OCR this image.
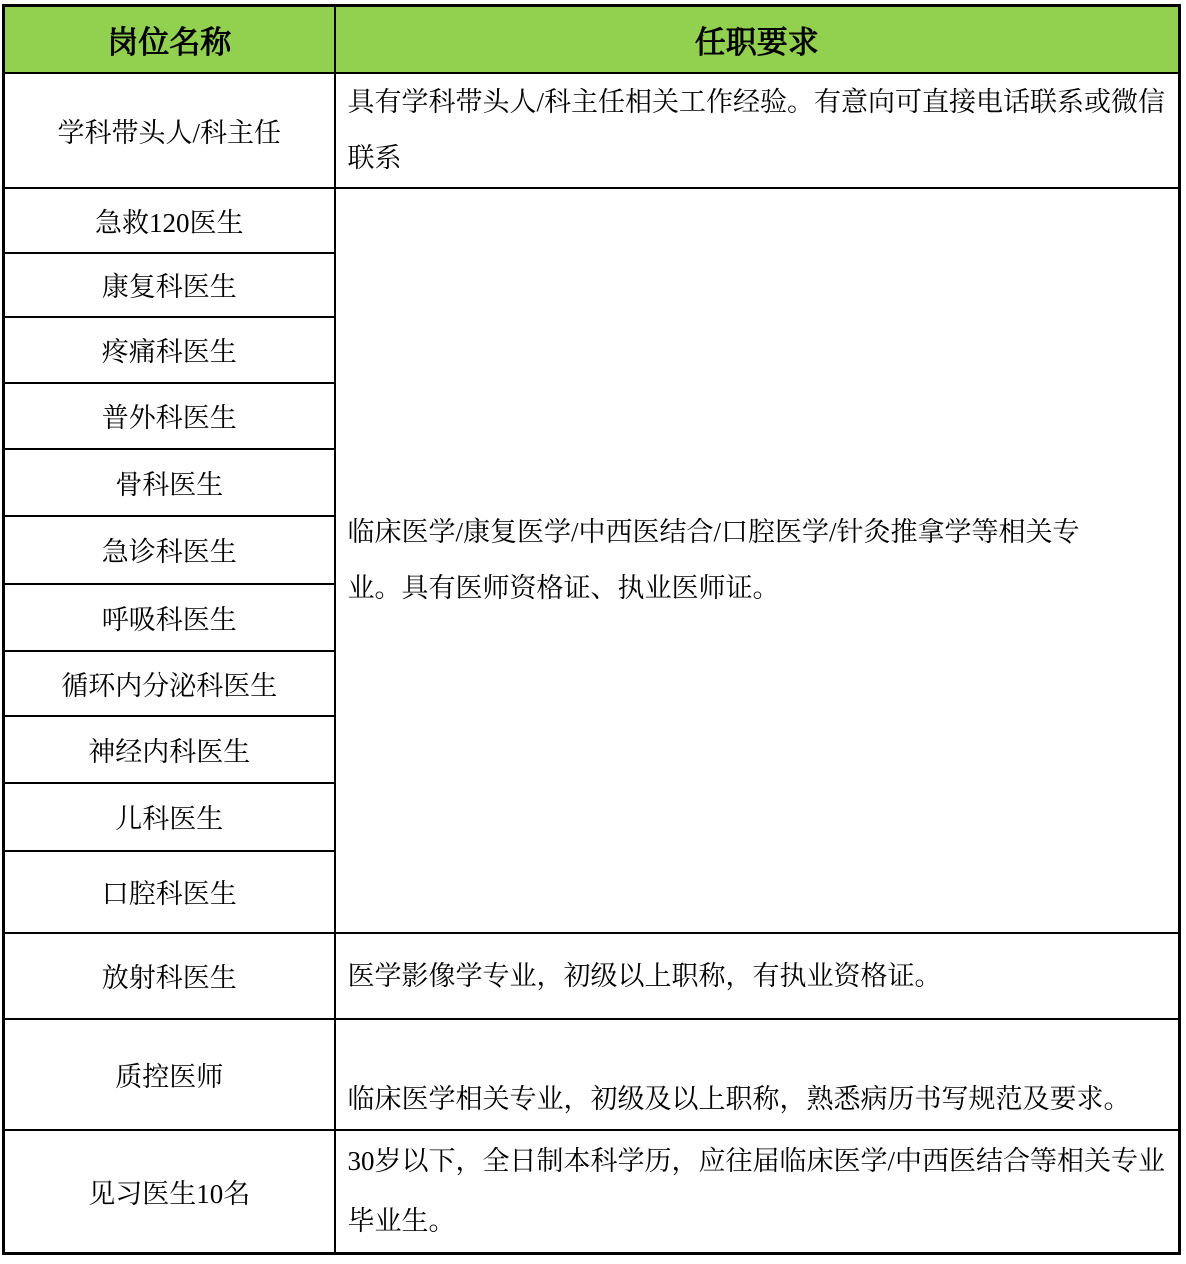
岗位名称	任职要求
学科带头人/科主任	具有学科带头人/科主任相关工作经验。有意向可直接电话联系或微信
联系

急救120医生	临床医学/康复医学/中西医结合/口腔医学/针灸推拿学等相关专
业。具有医师资格证、执业医师证。

康复科医生	
疼痛科医生	
普外科医生	
骨科医生	
急诊科医生	
呼吸科医生	
循环内分泌科医生	
神经内科医生	
儿科医生	
口腔科医生	
放射科医生	医学影像学专业，初级以上职称，有执业资格证。

质控医师	临床医学相关专业，初级及以上职称，熟悉病历书写规范及要求。

见习医生10名	30岁以下，全日制本科学历，应往届临床医学/中西医结合等相关专业
毕业生。
